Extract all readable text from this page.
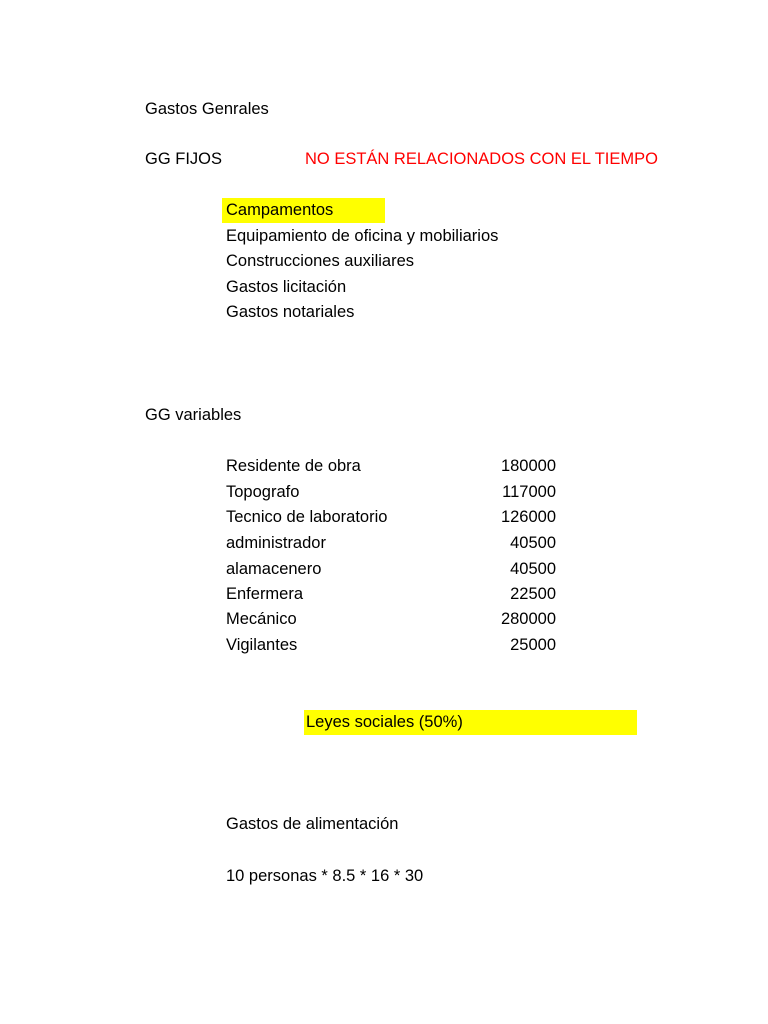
Gastos Genrales
GG FIJOS	NO ESTÁN RELACIONADOS CON EL TIEMPO
Campamentos
Equipamiento de oficina y mobiliarios
Construcciones auxiliares
Gastos licitación
Gastos notariales
GG variables
Residente de obra	180000
Topografo	117000
Tecnico de laboratorio	126000
administrador	40500
alamacenero	40500
Enfermera	22500
Mecánico	280000
Vigilantes	25000
Leyes sociales (50%)
Gastos de alimentación
10 personas * 8.5 * 16 * 30
